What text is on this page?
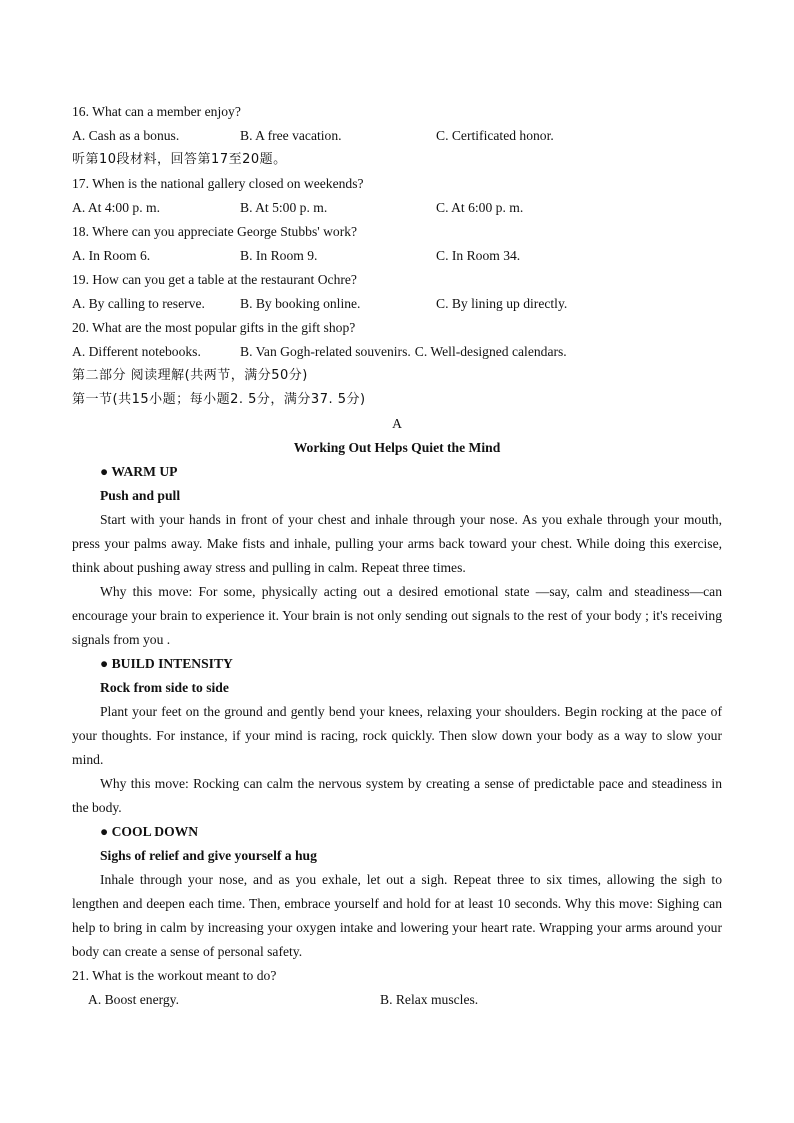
16. What can a member enjoy?
A. Cash as a bonus.	B. A free vacation.	C. Certificated honor.
听第10段材料，回答第17至20题。
17. When is the national gallery closed on weekends?
A. At 4:00 p. m.	B. At 5:00 p. m.	C. At 6:00 p. m.
18. Where can you appreciate George Stubbs' work?
A. In Room 6.	B. In Room 9.	C. In Room 34.
19. How can you get a table at the restaurant Ochre?
A. By calling to reserve.	B. By booking online.	C. By lining up directly.
20. What are the most popular gifts in the gift shop?
A. Different notebooks.	B. Van Gogh-related souvenirs. C. Well-designed calendars.
第二部分 阅读理解(共两节，满分50分)
第一节(共15小题；每小题2. 5分，满分37. 5分)
A
Working Out Helps Quiet the Mind
● WARM UP
Push and pull

Start with your hands in front of your chest and inhale through your nose. As you exhale through your mouth, press your palms away. Make fists and inhale, pulling your arms back toward your chest. While doing this exercise, think about pushing away stress and pulling in calm. Repeat three times.

Why this move: For some, physically acting out a desired emotional state —say, calm and steadiness—can encourage your brain to experience it. Your brain is not only sending out signals to the rest of your body ; it's receiving signals from you .

● BUILD INTENSITY
Rock from side to side

Plant your feet on the ground and gently bend your knees, relaxing your shoulders. Begin rocking at the pace of your thoughts. For instance, if your mind is racing, rock quickly. Then slow down your body as a way to slow your mind.

Why this move: Rocking can calm the nervous system by creating a sense of predictable pace and steadiness in the body.

● COOL DOWN
Sighs of relief and give yourself a hug

Inhale through your nose, and as you exhale, let out a sigh. Repeat three to six times, allowing the sigh to lengthen and deepen each time. Then, embrace yourself and hold for at least 10 seconds. Why this move: Sighing can help to bring in calm by increasing your oxygen intake and lowering your heart rate. Wrapping your arms around your body can create a sense of personal safety.

21. What is the workout meant to do?
A. Boost energy.	B. Relax muscles.
